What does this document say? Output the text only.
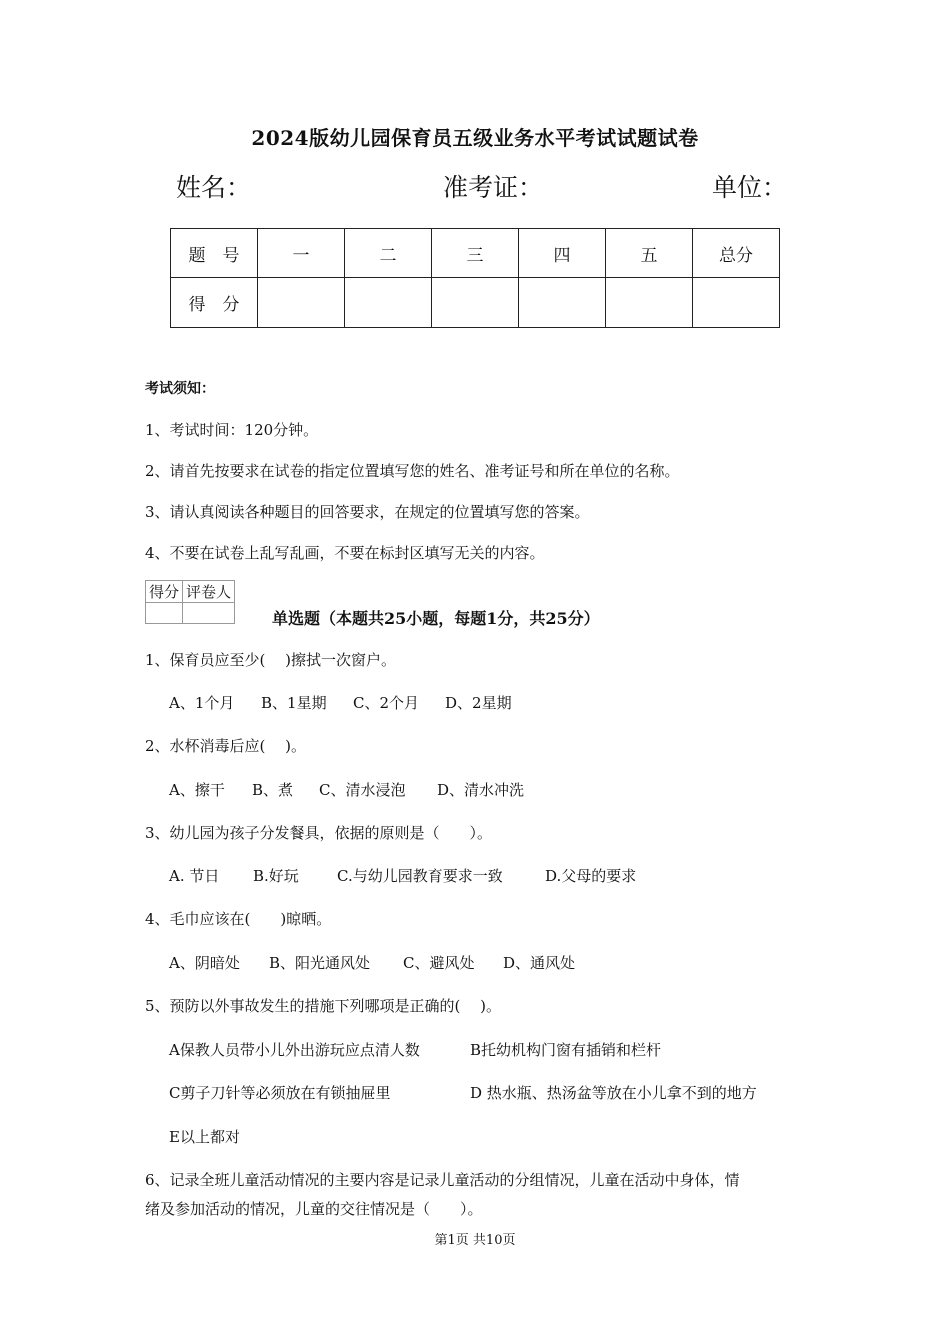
2024版幼儿园保育员五级业务水平考试试题试卷
姓名：	准考证：	单位：
题　号	一	二	三	四	五	总分
得　分						
考试须知：
1、考试时间：120分钟。
2、请首先按要求在试卷的指定位置填写您的姓名、准考证号和所在单位的名称。
3、请认真阅读各种题目的回答要求，在规定的位置填写您的答案。
4、不要在试卷上乱写乱画，不要在标封区填写无关的内容。
得分	评卷人

单选题（本题共25小题，每题1分，共25分）
1、保育员应至少(　 )擦拭一次窗户。
A、1个月 B、1星期 C、2个月 D、2星期
2、水杯消毒后应(　 )。
A、擦干 B、煮 C、清水浸泡 D、清水冲洗
3、幼儿园为孩子分发餐具，依据的原则是（　　）。
A. 节日 B.好玩	C.与幼儿园教育要求一致	D.父母的要求
4、毛巾应该在(　　)晾晒。
A、阴暗处 B、阳光通风处 C、避风处 D、通风处
5、预防以外事故发生的措施下列哪项是正确的(　 )。
A保教人员带小儿外出游玩应点清人数	B托幼机构门窗有插销和栏杆
C剪子刀针等必须放在有锁抽屉里	D 热水瓶、热汤盆等放在小儿拿不到的地方
E以上都对
6、记录全班儿童活动情况的主要内容是记录儿童活动的分组情况，儿童在活动中身体，情
绪及参加活动的情况，儿童的交往情况是（　　）。
第1页 共10页
